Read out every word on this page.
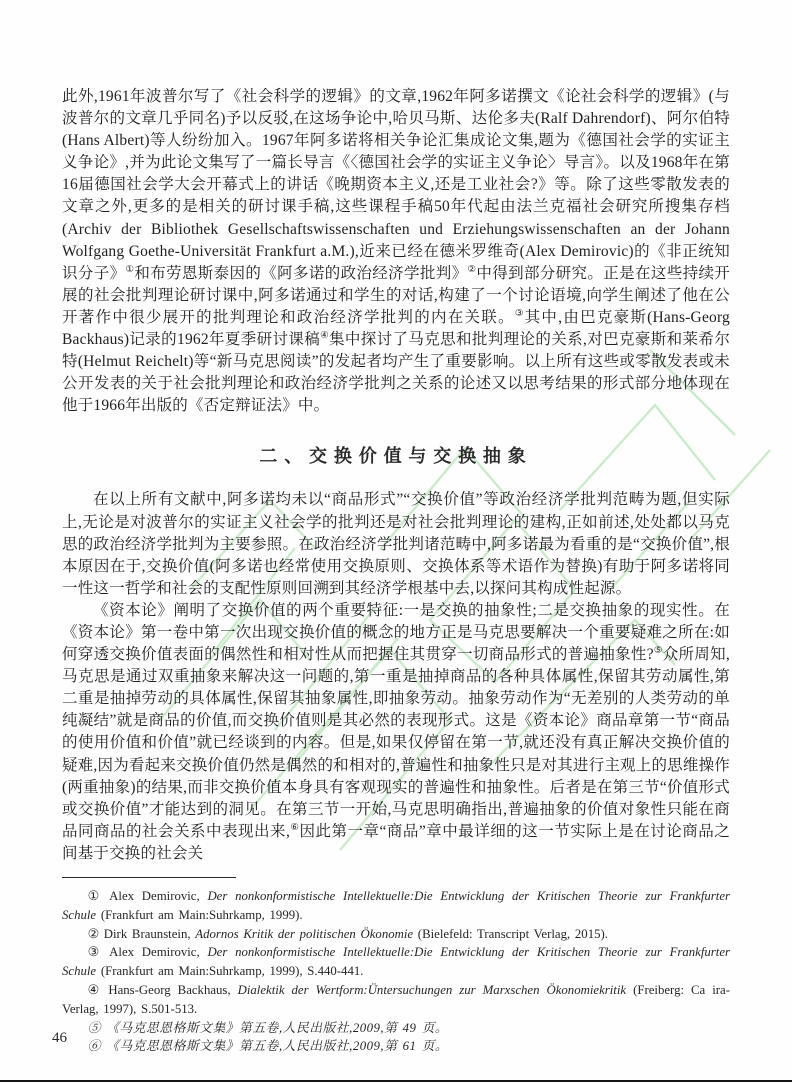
此外,1961年波普尔写了《社会科学的逻辑》的文章,1962年阿多诺撰文《论社会科学的逻辑》(与波普尔的文章几乎同名)予以反驳,在这场争论中,哈贝马斯、达伦多夫(Ralf Dahrendorf)、阿尔伯特(Hans Albert)等人纷纷加入。1967年阿多诺将相关争论汇集成论文集,题为《德国社会学的实证主义争论》,并为此论文集写了一篇长导言《〈德国社会学的实证主义争论〉导言》。以及1968年在第16届德国社会学大会开幕式上的讲话《晚期资本主义,还是工业社会?》等。除了这些零散发表的文章之外,更多的是相关的研讨课手稿,这些课程手稿50年代起由法兰克福社会研究所搜集存档(Archiv der Bibliothek Gesellschaftswissenschaften und Erziehungswissenschaften an der Johann Wolfgang Goethe-Universität Frankfurt a.M.),近来已经在德米罗维奇(Alex Demirovic)的《非正统知识分子》①和布劳恩斯泰因的《阿多诺的政治经济学批判》②中得到部分研究。正是在这些持续开展的社会批判理论研讨课中,阿多诺通过和学生的对话,构建了一个讨论语境,向学生阐述了他在公开著作中很少展开的批判理论和政治经济学批判的内在关联。③其中,由巴克豪斯(Hans-Georg Backhaus)记录的1962年夏季研讨课稿④集中探讨了马克思和批判理论的关系,对巴克豪斯和莱希尔特(Helmut Reichelt)等“新马克思阅读”的发起者均产生了重要影响。以上所有这些或零散发表或未公开发表的关于社会批判理论和政治经济学批判之关系的论述又以思考结果的形式部分地体现在他于1966年出版的《否定辩证法》中。

二、交换价值与交换抽象

在以上所有文献中,阿多诺均未以“商品形式”“交换价值”等政治经济学批判范畴为题,但实际上,无论是对波普尔的实证主义社会学的批判还是对社会批判理论的建构,正如前述,处处都以马克思的政治经济学批判为主要参照。在政治经济学批判诸范畴中,阿多诺最为看重的是“交换价值”,根本原因在于,交换价值(阿多诺也经常使用交换原则、交换体系等术语作为替换)有助于阿多诺将同一性这一哲学和社会的支配性原则回溯到其经济学根基中去,以探问其构成性起源。

《资本论》阐明了交换价值的两个重要特征:一是交换的抽象性;二是交换抽象的现实性。在《资本论》第一卷中第一次出现交换价值的概念的地方正是马克思要解决一个重要疑难之所在:如何穿透交换价值表面的偶然性和相对性从而把握住其贯穿一切商品形式的普遍抽象性?⑤众所周知,马克思是通过双重抽象来解决这一问题的,第一重是抽掉商品的各种具体属性,保留其劳动属性,第二重是抽掉劳动的具体属性,保留其抽象属性,即抽象劳动。抽象劳动作为“无差别的人类劳动的单纯凝结”就是商品的价值,而交换价值则是其必然的表现形式。这是《资本论》商品章第一节“商品的使用价值和价值”就已经谈到的内容。但是,如果仅停留在第一节,就还没有真正解决交换价值的疑难,因为看起来交换价值仍然是偶然的和相对的,普遍性和抽象性只是对其进行主观上的思维操作(两重抽象)的结果,而非交换价值本身具有客观现实的普遍性和抽象性。后者是在第三节“价值形式或交换价值”才能达到的洞见。在第三节一开始,马克思明确指出,普遍抽象的价值对象性只能在商品同商品的社会关系中表现出来,⑥因此第一章“商品”章中最详细的这一节实际上是在讨论商品之间基于交换的社会关

① Alex Demirovic, Der nonkonformistische Intellektuelle:Die Entwicklung der Kritischen Theorie zur Frankfurter Schule (Frankfurt am Main:Suhrkamp, 1999).

② Dirk Braunstein, Adornos Kritik der politischen Ökonomie (Bielefeld: Transcript Verlag, 2015).

③ Alex Demirovic, Der nonkonformistische Intellektuelle:Die Entwicklung der Kritischen Theorie zur Frankfurter Schule (Frankfurt am Main:Suhrkamp, 1999), S.440-441.

④ Hans-Georg Backhaus, Dialektik der Wertform:Üntersuchungen zur Marxschen Ökonomiekritik (Freiberg: Ca ira-Verlag, 1997), S.501-513.

⑤ 《马克思恩格斯文集》第五卷,人民出版社,2009,第 49 页。

⑥ 《马克思恩格斯文集》第五卷,人民出版社,2009,第 61 页。

46
